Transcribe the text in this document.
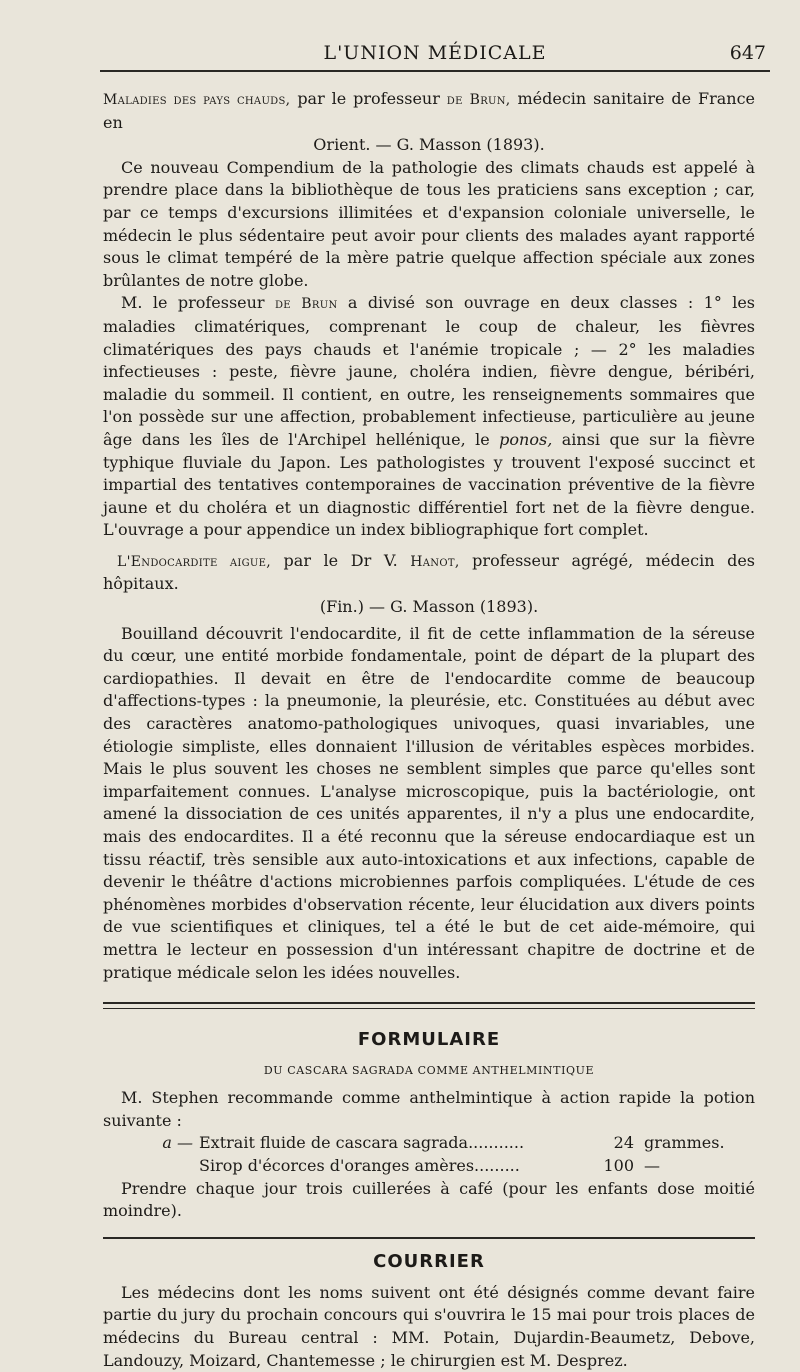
L'UNION MÉDICALE	647

Maladies des pays chauds, par le professeur de Brun, médecin sanitaire de France en
Orient. — G. Masson (1893).

Ce nouveau Compendium de la pathologie des climats chauds est appelé à prendre place dans la bibliothèque de tous les praticiens sans exception ; car, par ce temps d'excursions illimitées et d'expansion coloniale universelle, le médecin le plus sédentaire peut avoir pour clients des malades ayant rapporté sous le climat tempéré de la mère patrie quelque affection spéciale aux zones brûlantes de notre globe.

M. le professeur de Brun a divisé son ouvrage en deux classes : 1° les maladies climatériques, comprenant le coup de chaleur, les fièvres climatériques des pays chauds et l'anémie tropicale ; — 2° les maladies infectieuses : peste, fièvre jaune, choléra indien, fièvre dengue, béribéri, maladie du sommeil. Il contient, en outre, les renseignements sommaires que l'on possède sur une affection, probablement infectieuse, particulière au jeune âge dans les îles de l'Archipel hellénique, le ponos, ainsi que sur la fièvre typhique fluviale du Japon. Les pathologistes y trouvent l'exposé succinct et impartial des tentatives contemporaines de vaccination préventive de la fièvre jaune et du choléra et un diagnostic différentiel fort net de la fièvre dengue. L'ouvrage a pour appendice un index bibliographique fort complet.

L'Endocardite aigue, par le Dr V. Hanot, professeur agrégé, médecin des hôpitaux.
(Fin.) — G. Masson (1893).

Bouilland découvrit l'endocardite, il fit de cette inflammation de la séreuse du cœur, une entité morbide fondamentale, point de départ de la plupart des cardiopathies. Il devait en être de l'endocardite comme de beaucoup d'affections-types : la pneumonie, la pleurésie, etc. Constituées au début avec des caractères anatomo-pathologiques univoques, quasi invariables, une étiologie simpliste, elles donnaient l'illusion de véritables espèces morbides. Mais le plus souvent les choses ne semblent simples que parce qu'elles sont imparfaitement connues. L'analyse microscopique, puis la bactériologie, ont amené la dissociation de ces unités apparentes, il n'y a plus une endocardite, mais des endocardites. Il a été reconnu que la séreuse endocardiaque est un tissu réactif, très sensible aux auto-intoxications et aux infections, capable de devenir le théâtre d'actions microbiennes parfois compliquées. L'étude de ces phénomènes morbides d'observation récente, leur élucidation aux divers points de vue scientifiques et cliniques, tel a été le but de cet aide-mémoire, qui mettra le lecteur en possession d'un intéressant chapitre de doctrine et de pratique médicale selon les idées nouvelles.

FORMULAIRE
DU CASCARA SAGRADA COMME ANTHELMINTIQUE

M. Stephen recommande comme anthelmintique à action rapide la potion suivante :

a — Extrait fluide de cascara sagrada...........	24 grammes.
Sirop d'écorces d'oranges amères.........	100 —

Prendre chaque jour trois cuillerées à café (pour les enfants dose moitié moindre).

COURRIER

Les médecins dont les noms suivent ont été désignés comme devant faire partie du jury du prochain concours qui s'ouvrira le 15 mai pour trois places de médecins du Bureau central : MM. Potain, Dujardin-Beaumetz, Debove, Landouzy, Moizard, Chantemesse ; le chirurgien est M. Desprez.
